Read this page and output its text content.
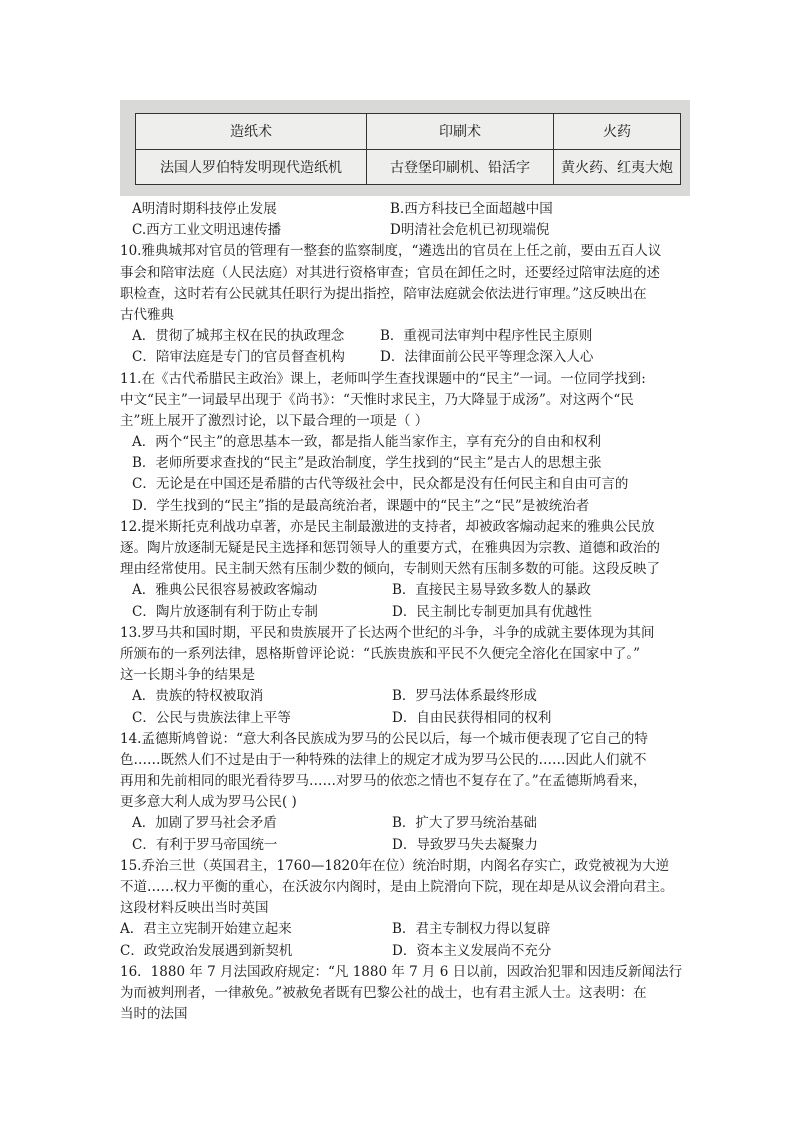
造纸术	印刷术	火药
法国人罗伯特发明现代造纸机	古登堡印刷机、铅活字	黄火药、红夷大炮
A明清时期科技停止发展	B.西方科技已全面超越中国
C.西方工业文明迅速传播	D明清社会危机已初现端倪
10.雅典城邦对官员的管理有一整套的监察制度，“遴选出的官员在上任之前，要由五百人议
事会和陪审法庭（人民法庭）对其进行资格审查；官员在卸任之时，还要经过陪审法庭的述
职检查，这时若有公民就其任职行为提出指控，陪审法庭就会依法进行审理。”这反映出在
古代雅典
A．贯彻了城邦主权在民的执政理念	B．重视司法审判中程序性民主原则
C．陪审法庭是专门的官员督查机构	D．法律面前公民平等理念深入人心
11.在《古代希腊民主政治》课上，老师叫学生查找课题中的“民主”一词。一位同学找到:
中文“民主”一词最早出现于《尚书》：“天惟时求民主，乃大降显于成汤”。对这两个“民
主”班上展开了激烈讨论，以下最合理的一项是（ ）
A．两个“民主”的意思基本一致，都是指人能当家作主，享有充分的自由和权利
B．老师所要求查找的“民主”是政治制度，学生找到的“民主”是古人的思想主张
C．无论是在中国还是希腊的古代等级社会中，民众都是没有任何民主和自由可言的
D．学生找到的“民主”指的是最高统治者，课题中的“民主”之“民”是被统治者
12.提米斯托克利战功卓著，亦是民主制最激进的支持者，却被政客煽动起来的雅典公民放
逐。陶片放逐制无疑是民主选择和惩罚领导人的重要方式，在雅典因为宗教、道德和政治的
理由经常使用。民主制天然有压制少数的倾向，专制则天然有压制多数的可能。这段反映了
A．雅典公民很容易被政客煽动	B．直接民主易导致多数人的暴政
C．陶片放逐制有利于防止专制	D．民主制比专制更加具有优越性
13.罗马共和国时期，平民和贵族展开了长达两个世纪的斗争，斗争的成就主要体现为其间
所颁布的一系列法律，恩格斯曾评论说：“氏族贵族和平民不久便完全溶化在国家中了。”
这一长期斗争的结果是
A．贵族的特权被取消	B．罗马法体系最终形成
C．公民与贵族法律上平等	D．自由民获得相同的权利
14.孟德斯鸠曾说：“意大利各民族成为罗马的公民以后，每一个城市便表现了它自己的特
色……既然人们不过是由于一种特殊的法律上的规定才成为罗马公民的……因此人们就不
再用和先前相同的眼光看待罗马……对罗马的依恋之情也不复存在了。”在孟德斯鸠看来，
更多意大利人成为罗马公民( )
A．加剧了罗马社会矛盾	B．扩大了罗马统治基础
C．有利于罗马帝国统一	D．导致罗马失去凝聚力
15.乔治三世（英国君主，1760—1820年在位）统治时期，内阁名存实亡，政党被视为大逆
不道……权力平衡的重心，在沃波尔内阁时，是由上院滑向下院，现在却是从议会滑向君主。
这段材料反映出当时英国
A．君主立宪制开始建立起来	B．君主专制权力得以复辟
C．政党政治发展遇到新契机	D．资本主义发展尚不充分
16．1880 年 7 月法国政府规定：“凡 1880 年 7 月 6 日以前，因政治犯罪和因违反新闻法行
为而被判刑者，一律赦免。”被赦免者既有巴黎公社的战士，也有君主派人士。这表明：在
当时的法国
